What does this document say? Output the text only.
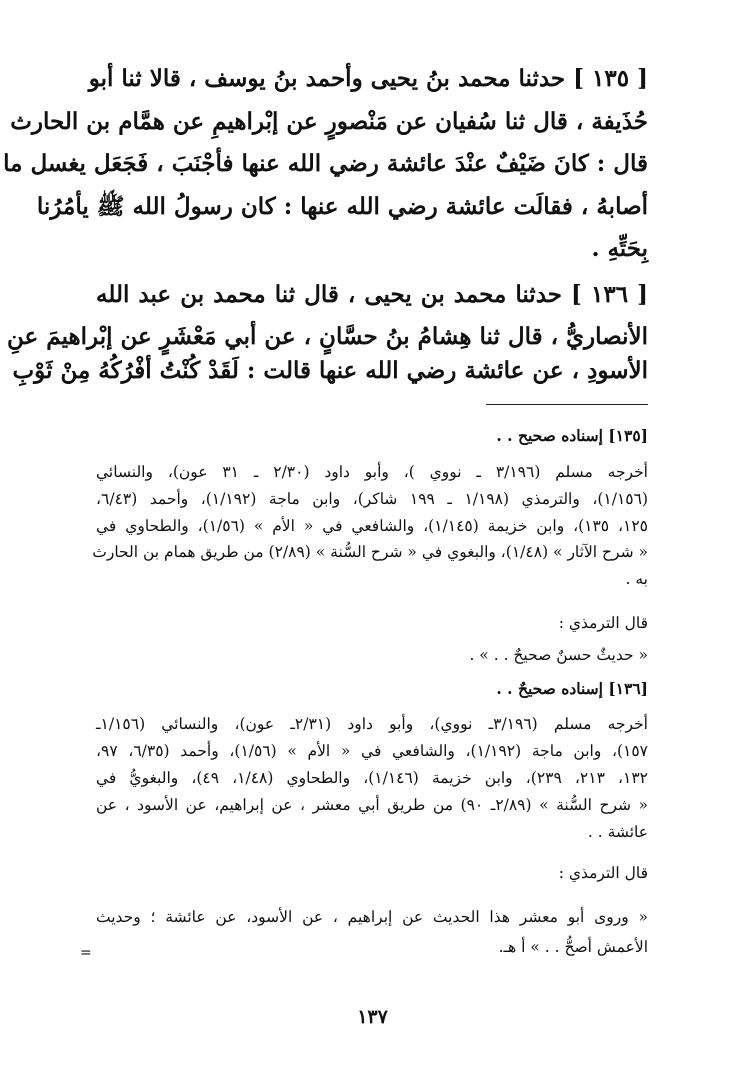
[ ١٣٥ ] حدثنا محمد بنُ يحيى وأحمد بنُ يوسف ، قالا ثنا أبو
حُذَيفة ، قال ثنا سُفيان عن مَنْصورٍ عن إبْراهيمِ عن همَّام بن الحارث
قال : كانَ ضَيْفٌ عنْدَ عائشة رضي الله عنها فأجْنَبَ ، فَجَعَل يغسل ما
أصابهُ ، فقالَت عائشة رضي الله عنها : كان رسولُ الله ﷺ يأمُرُنا
بِحَتِّهِ .
[ ١٣٦ ] حدثنا محمد بن يحيى ، قال ثنا محمد بن عبد الله
الأنصاريُّ ، قال ثنا هِشامُ بنُ حسَّانٍ ، عن أبي مَعْشَرٍ عن إبْراهيمَ عنِ
الأسودِ ، عن عائشة رضي الله عنها قالت : لَقَدْ كُنْتُ أفْرُكُهُ مِنْ ثَوْبِ
[١٣٥] إسناده صحيح . .
أخرجه مسلم (٣/١٩٦ ـ نووي )، وأبو داود (٢/٣٠ ـ ٣١ عون)، والنسائي
(١/١٥٦)، والترمذي (١/١٩٨ ـ ١٩٩ شاكر)، وابن ماجة (١/١٩٢)، وأحمد (٦/٤٣،
١٢٥، ١٣٥)، وابن خزيمة (١/١٤٥)، والشافعي في « الأم » (١/٥٦)، والطحاوي في
« شرح الآثار » (١/٤٨)، والبغوي في « شرح السُّنة » (٢/٨٩) من طريق همام بن الحارث
به .
قال الترمذي :
« حديثٌ حسنٌ صحيحٌ . . » .
[١٣٦] إسناده صحيحٌ . .
أخرجه مسلم (٣/١٩٦ـ نووي)، وأبو داود (٢/٣١ـ عون)، والنسائي (١/١٥٦ـ
١٥٧)، وابن ماجة (١/١٩٢)، والشافعي في « الأم » (١/٥٦)، وأحمد (٦/٣٥، ٩٧،
١٣٢، ٢١٣، ٢٣٩)، وابن خزيمة (١/١٤٦)، والطحاوي (١/٤٨، ٤٩)، والبغويُّ في
« شرح السُّنة » (٢/٨٩ـ ٩٠) من طريق أبي معشر ، عن إبراهيم، عن الأسود ، عن
عائشة . .
قال الترمذي :
« وروى أبو معشر هذا الحديث عن إبراهيم ، عن الأسود، عن عائشة ؛ وحديث
الأعمش أصحُّ . . » أ هـ.
=
١٣٧
